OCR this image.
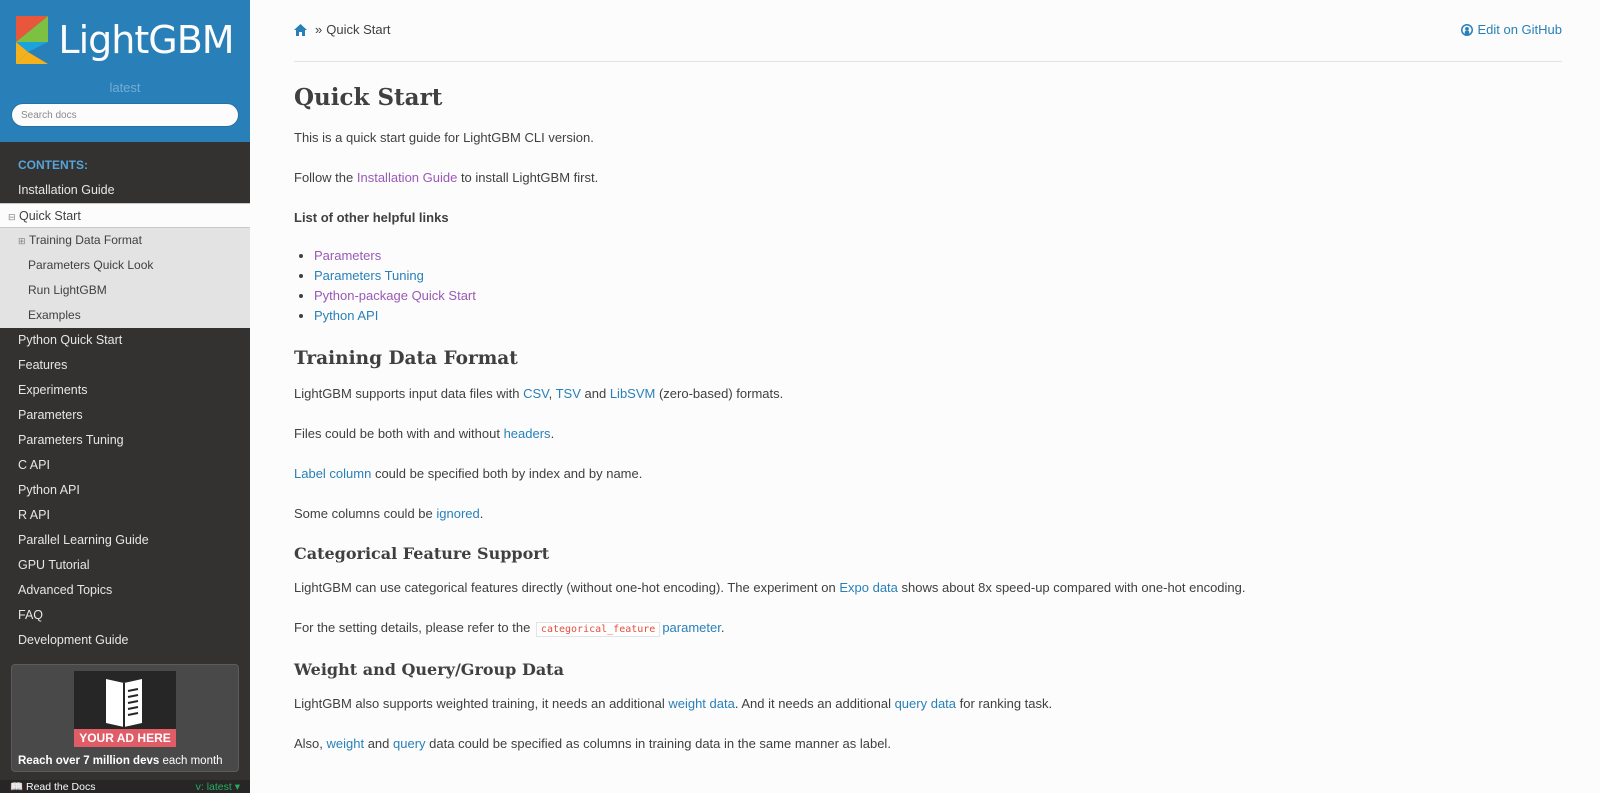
LightGBM
latest
Search docs
CONTENTS:
Installation Guide
⊟ Quick Start
⊞ Training Data Format
Parameters Quick Look
Run LightGBM
Examples
Python Quick Start
Features
Experiments
Parameters
Parameters Tuning
C API
Python API
R API
Parallel Learning Guide
GPU Tutorial
Advanced Topics
FAQ
Development Guide
YOUR AD HERE
Reach over 7 million devs each month
📖 Read the Docs	v: latest ▾
» Quick Start	Edit on GitHub
Quick Start

This is a quick start guide for LightGBM CLI version.

Follow the Installation Guide to install LightGBM first.

List of other helpful links

• Parameters
• Parameters Tuning
• Python-package Quick Start
• Python API
Training Data Format

LightGBM supports input data files with CSV, TSV and LibSVM (zero-based) formats.

Files could be both with and without headers.

Label column could be specified both by index and by name.

Some columns could be ignored.

Categorical Feature Support

LightGBM can use categorical features directly (without one-hot encoding). The experiment on Expo data shows about 8x speed-up compared with one-hot encoding.

For the setting details, please refer to the categorical_feature parameter.

Weight and Query/Group Data

LightGBM also supports weighted training, it needs an additional weight data. And it needs an additional query data for ranking task.

Also, weight and query data could be specified as columns in training data in the same manner as label.
